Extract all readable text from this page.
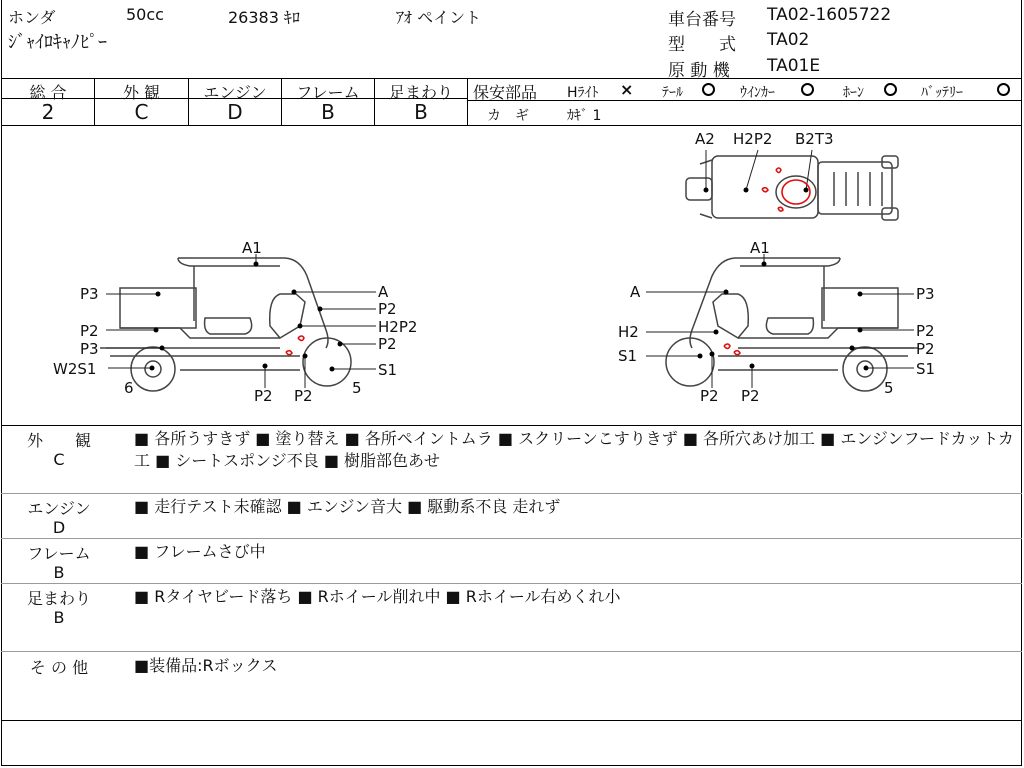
ホンダ	50cc	26383 ｷﾛ	ｱｵ ペイント
ｼﾞｬｲﾛｷｬﾉﾋﾟｰ
車台番号 TA02-1605722
型　　式 TA02
原 動 機 TA01E
総 合	外 観	エンジン	フレーム	足まわり
2	C	D	B	B
保安部品 Hﾗｲﾄ × ﾃｰﾙ	ｳｲﾝｶｰ	ﾎｰﾝ	ﾊﾞｯﾃﾘｰ
カ　ギ	ｶｷﾞ 1
A2 H2P2 B2T3
A1
P3
P2
P3
W2S1
6	P2 P2
A
P2
H2P2
P2
S1
5
A1
A
H2
S1
P2 P2
P3
P2
P2
S1
5
外　　観
C
■ 各所うすきず ■ 塗り替え ■ 各所ペイントムラ ■ スクリーンこすりきず ■ 各所穴あけ加工 ■ エンジンフードカットカ工 ■ シートスポンジ不良 ■ 樹脂部色あせ
エンジン
D
■ 走行テスト未確認 ■ エンジン音大 ■ 駆動系不良 走れず
フレーム
B
■ フレームさび中
足まわり
B
■ Rタイヤビード落ち ■ Rホイール削れ中 ■ Rホイール右めくれ小
そ の 他	■装備品:Rボックス
